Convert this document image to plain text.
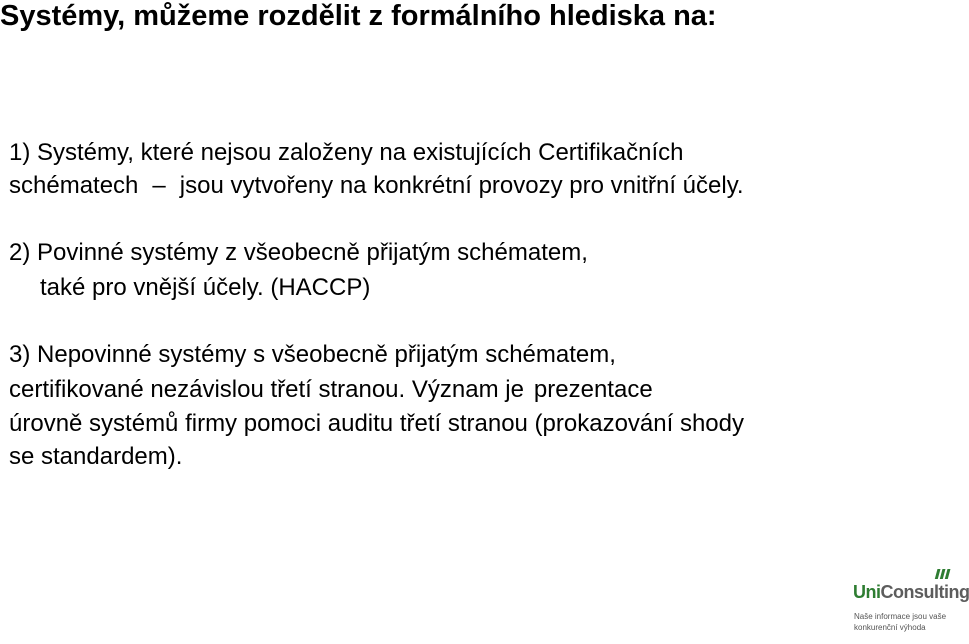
Systémy, můžeme rozdělit z formálního hlediska na:

1) Systémy, které nejsou založeny na existujících Certifikačních

schématech – jsou vytvořeny na konkrétní provozy pro vnitřní účely.

2) Povinné systémy z všeobecně přijatým schématem,

také pro vnější účely. (HACCP)

3) Nepovinné systémy s všeobecně přijatým schématem,

certifikované nezávislou třetí stranou. Význam je prezentace

úrovně systémů firmy pomoci auditu třetí stranou (prokazování shody

se standardem).

UniConsulting
Naše informace jsou vaše
konkurenční výhoda
